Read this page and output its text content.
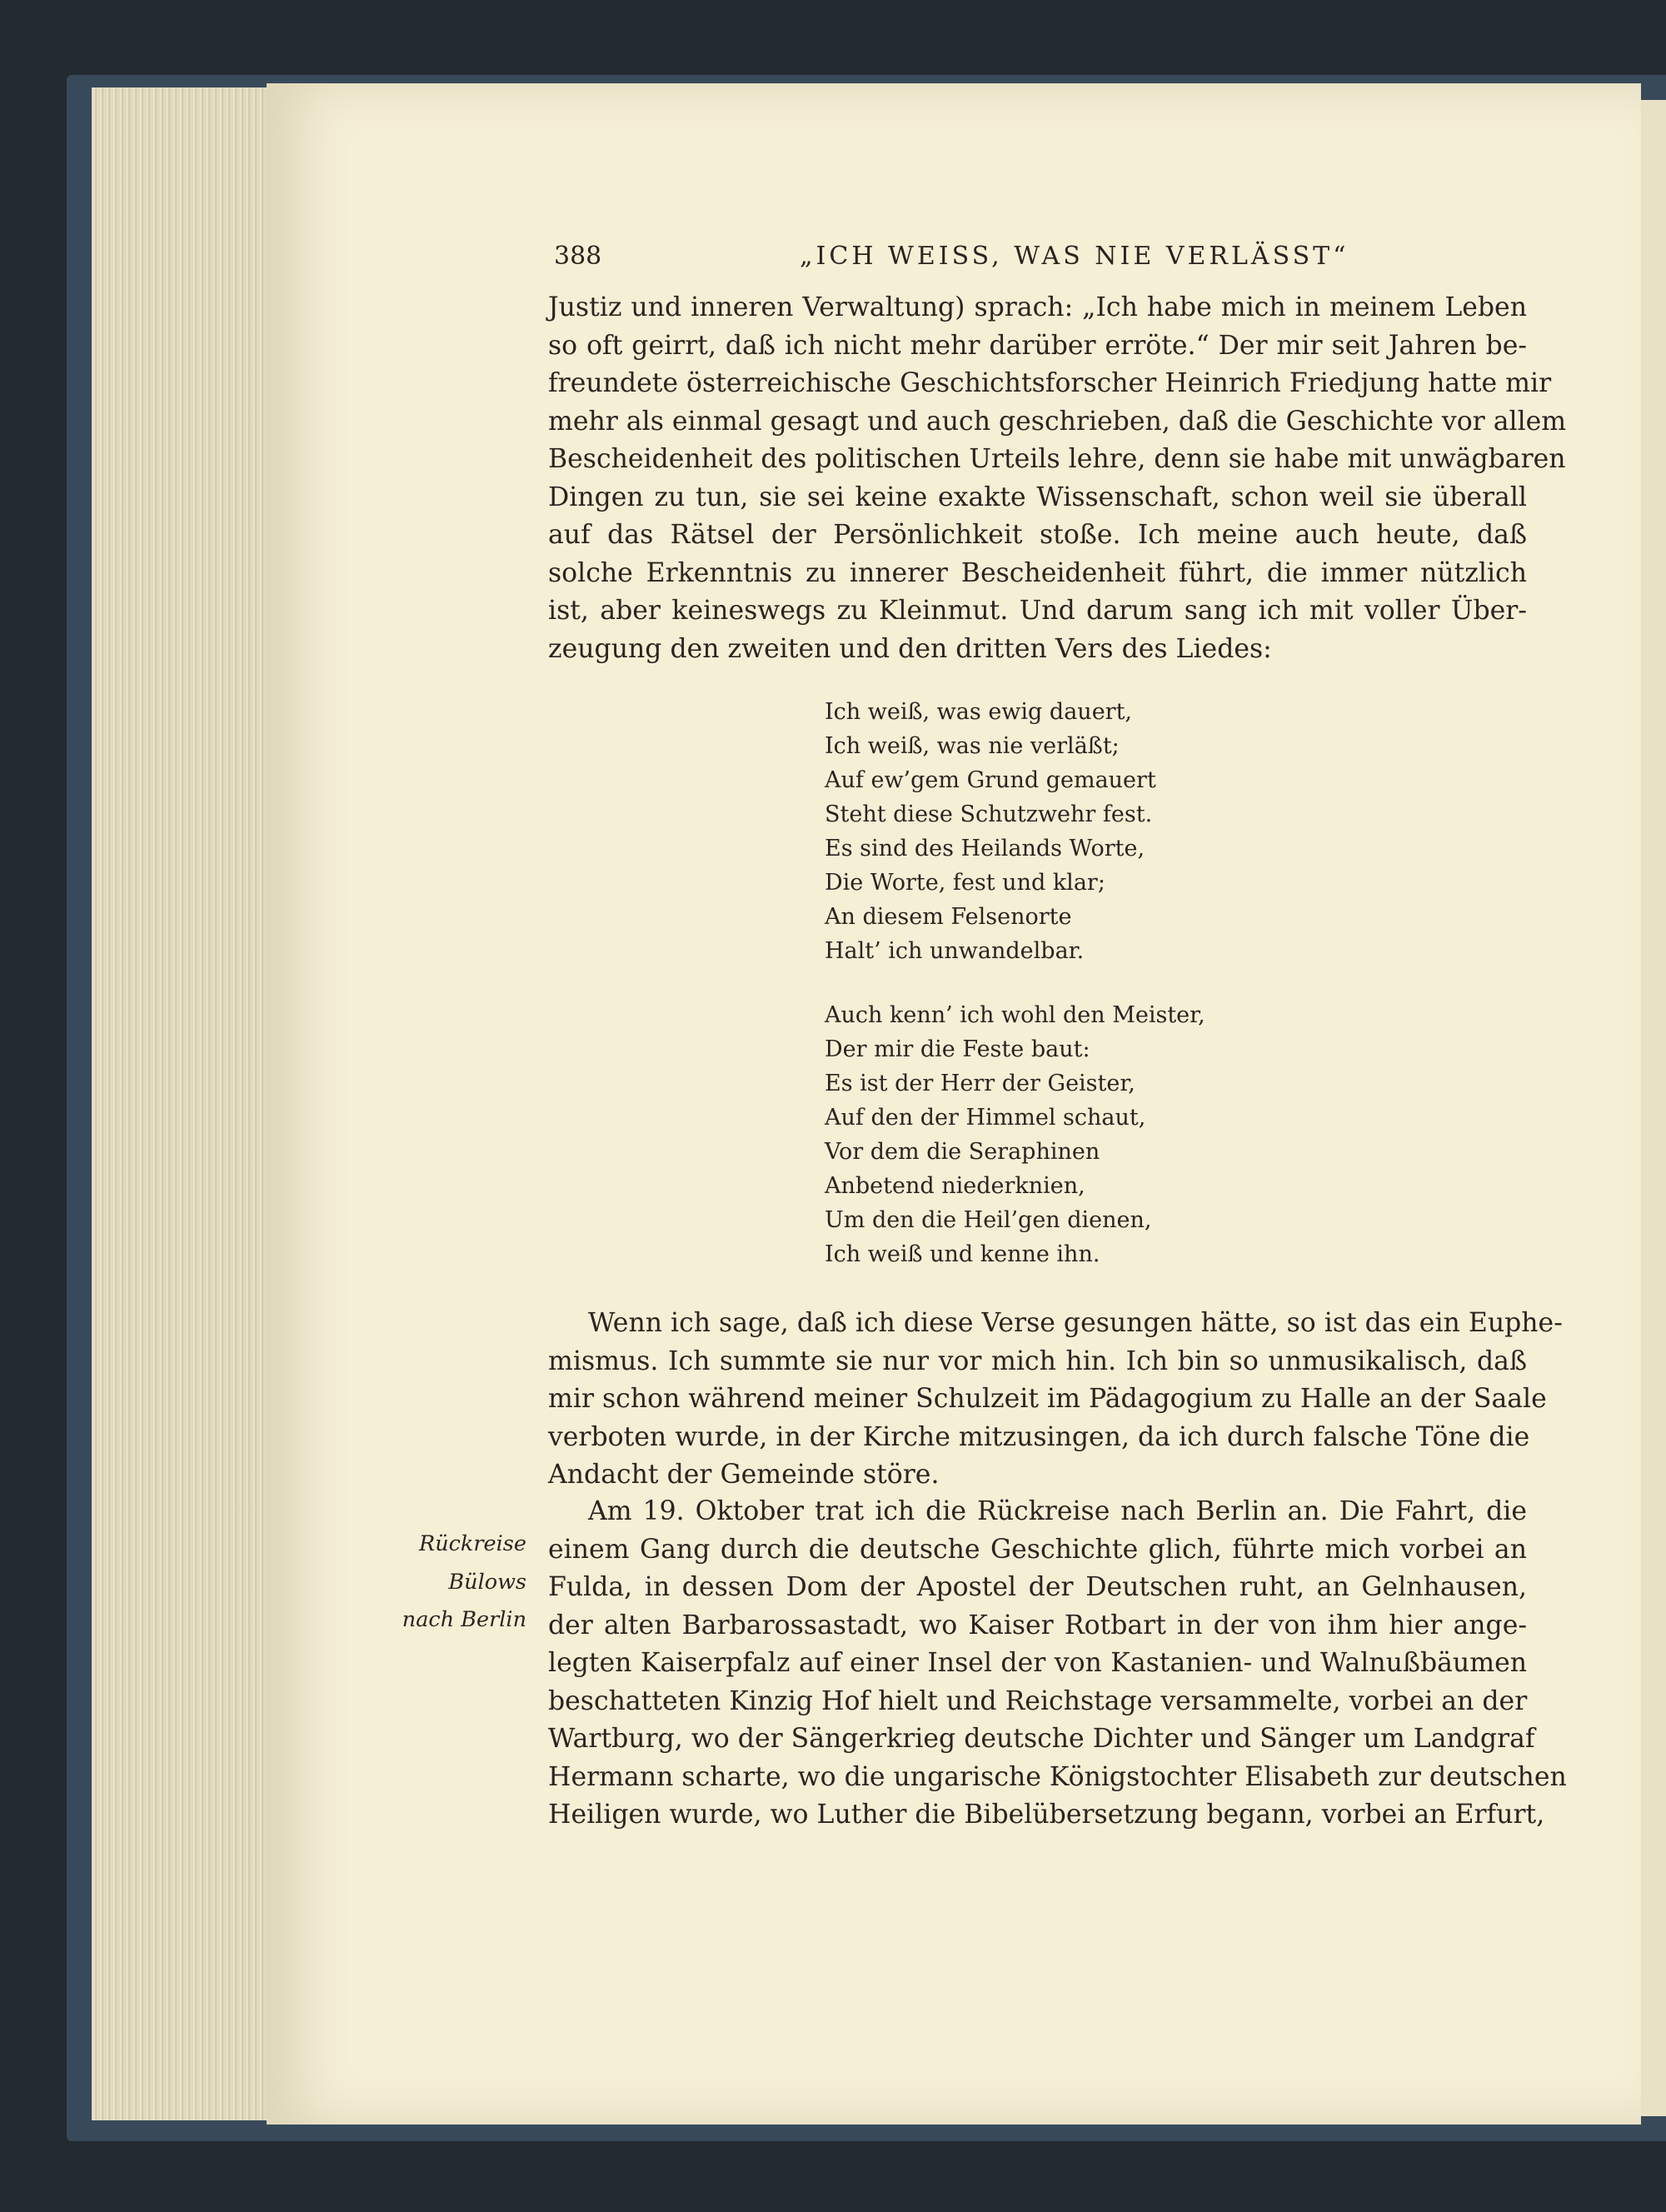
388	„ICH WEISS, WAS NIE VERLÄSST“
Justiz und inneren Verwaltung) sprach: „Ich habe mich in meinem Leben
so oft geirrt, daß ich nicht mehr darüber erröte.“ Der mir seit Jahren be-
freundete österreichische Geschichtsforscher Heinrich Friedjung hatte mir
mehr als einmal gesagt und auch geschrieben, daß die Geschichte vor allem
Bescheidenheit des politischen Urteils lehre, denn sie habe mit unwägbaren
Dingen zu tun, sie sei keine exakte Wissenschaft, schon weil sie überall
auf das Rätsel der Persönlichkeit stoße. Ich meine auch heute, daß
solche Erkenntnis zu innerer Bescheidenheit führt, die immer nützlich
ist, aber keineswegs zu Kleinmut. Und darum sang ich mit voller Über-
zeugung den zweiten und den dritten Vers des Liedes:
Ich weiß, was ewig dauert,
Ich weiß, was nie verläßt;
Auf ew’gem Grund gemauert
Steht diese Schutzwehr fest.
Es sind des Heilands Worte,
Die Worte, fest und klar;
An diesem Felsenorte
Halt’ ich unwandelbar.
Auch kenn’ ich wohl den Meister,
Der mir die Feste baut:
Es ist der Herr der Geister,
Auf den der Himmel schaut,
Vor dem die Seraphinen
Anbetend niederknien,
Um den die Heil’gen dienen,
Ich weiß und kenne ihn.
Wenn ich sage, daß ich diese Verse gesungen hätte, so ist das ein Euphe-
mismus. Ich summte sie nur vor mich hin. Ich bin so unmusikalisch, daß
mir schon während meiner Schulzeit im Pädagogium zu Halle an der Saale
verboten wurde, in der Kirche mitzusingen, da ich durch falsche Töne die
Andacht der Gemeinde störe.
Am 19. Oktober trat ich die Rückreise nach Berlin an. Die Fahrt, die
einem Gang durch die deutsche Geschichte glich, führte mich vorbei an
Fulda, in dessen Dom der Apostel der Deutschen ruht, an Gelnhausen,
der alten Barbarossastadt, wo Kaiser Rotbart in der von ihm hier ange-
legten Kaiserpfalz auf einer Insel der von Kastanien- und Walnußbäumen
beschatteten Kinzig Hof hielt und Reichstage versammelte, vorbei an der
Wartburg, wo der Sängerkrieg deutsche Dichter und Sänger um Landgraf
Hermann scharte, wo die ungarische Königstochter Elisabeth zur deutschen
Heiligen wurde, wo Luther die Bibelübersetzung begann, vorbei an Erfurt,
Rückreise
Bülows
nach Berlin
